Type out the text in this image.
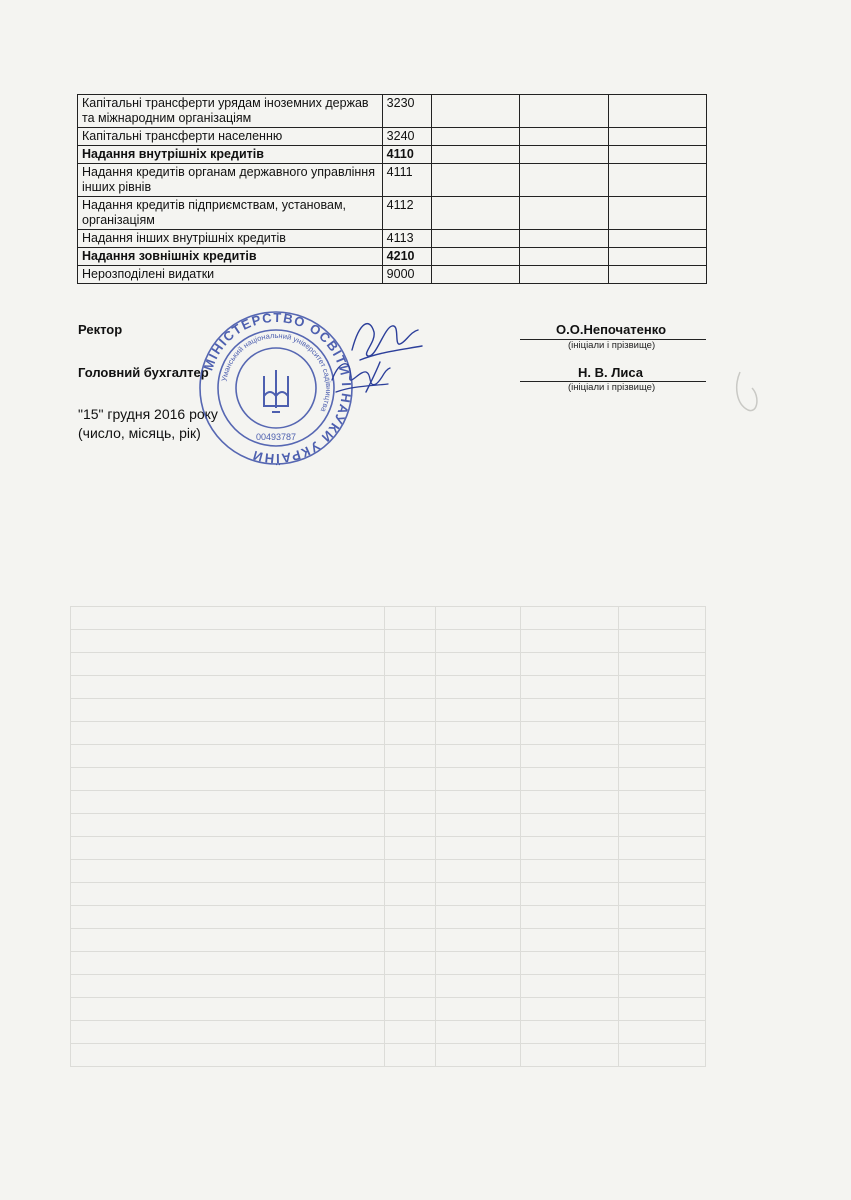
Капітальні трансферти урядам іноземних держав та міжнародним організаціям	3230			
Капітальні трансферти населенню	3240			
Надання внутрішніх кредитів	4110			
Надання кредитів органам державного управління інших рівнів	4111			
Надання кредитів підприємствам, установам, організаціям	4112			
Надання інших внутрішніх кредитів	4113			
Надання зовнішніх кредитів	4210			
Нерозподілені видатки	9000			
Ректор	О.О.Непочатенко
(ініціали і прізвище)
Головний бухгалтер	Н. В. Лиса
(ініціали і прізвище)
"15" грудня 2016 року
(число, місяць, рік)
МІНІСТЕРСТВО ОСВІТИ І НАУКИ УКРАЇНИ
Уманський національний університет садівництва
00493787
